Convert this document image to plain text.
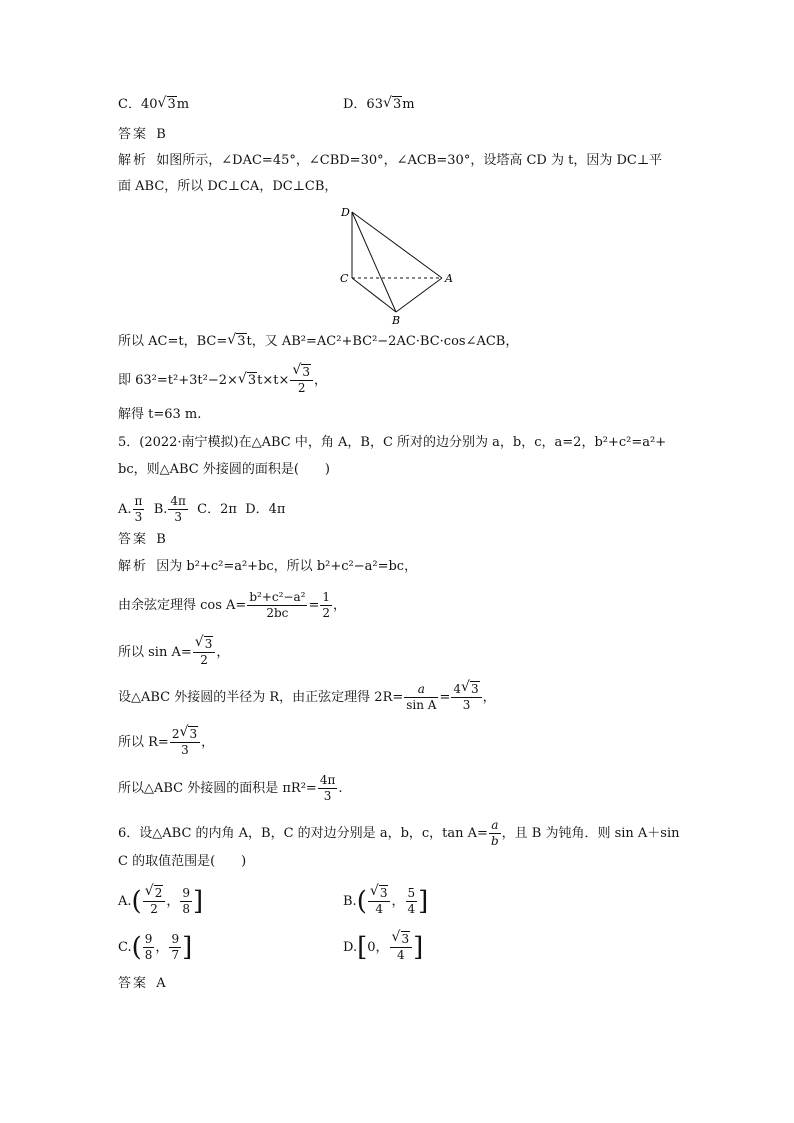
C．40 √ 3m	D．63 √ 3m
答案 B
解析 如图所示，∠DAC=45°，∠CBD=30°，∠ACB=30°，设塔高 CD 为 t，因为 DC⊥平
面 ABC，所以 DC⊥CA，DC⊥CB，
D
C	A
B
所以 AC=t，BC= √ 3t，又 AB²=AC²+BC²−2AC·BC·cos∠ACB，
即 63²=t²+3t²−2× √ 3t×t× √ $\frac{3}{2}$ ，
解得 t=63 m.
5．(2022·南宁模拟)在△ABC 中，角 A，B，C 所对的边分别为 a，b，c，a=2，b²+c²=a²+
bc，则△ABC 外接圆的面积是(　　)
A. $\frac{\pi}{3} B$. $\frac{4\pi}{3}$ C．2π D．4π
答案 B
解析 因为 b²+c²=a²+bc，所以 b²+c²−a²=bc，
由余弦定理得 $\cos A= \frac{\text{b²+c²−a²}}{2bc} = \frac{1}{2}$ ，
所以 sin A= √ $\frac{3}{2}$ ，
设△ABC 外接圆的半径为 R，由正弦定理得 $2R= \frac{a}{\text{sin A}} = \frac{4 √ 3}{3}$ ，
所以 $R= \frac{2 √ 3}{3}$ ，
所以△ABC 外接圆的面积是 $\pi R^2= \frac{4\pi}{3}$ .
6．设△ABC 的内角 A，B，C 的对边分别是 a，b，c，$\tan A= \frac{a}{b}$ ，且 B 为钝角．则 sin A＋sin
C 的取值范围是(　　)
A.( √ $\frac{2}{2}$ ， $\frac{9}{8}$ ]	B.( √ $\frac{3}{4}$ ， $\frac{5}{4}$ ]
$C.( \frac{9}{8}$ ， $\frac{9}{7}$ ]	D.[0， √ $\frac{3}{4}$ ]
答案 A
